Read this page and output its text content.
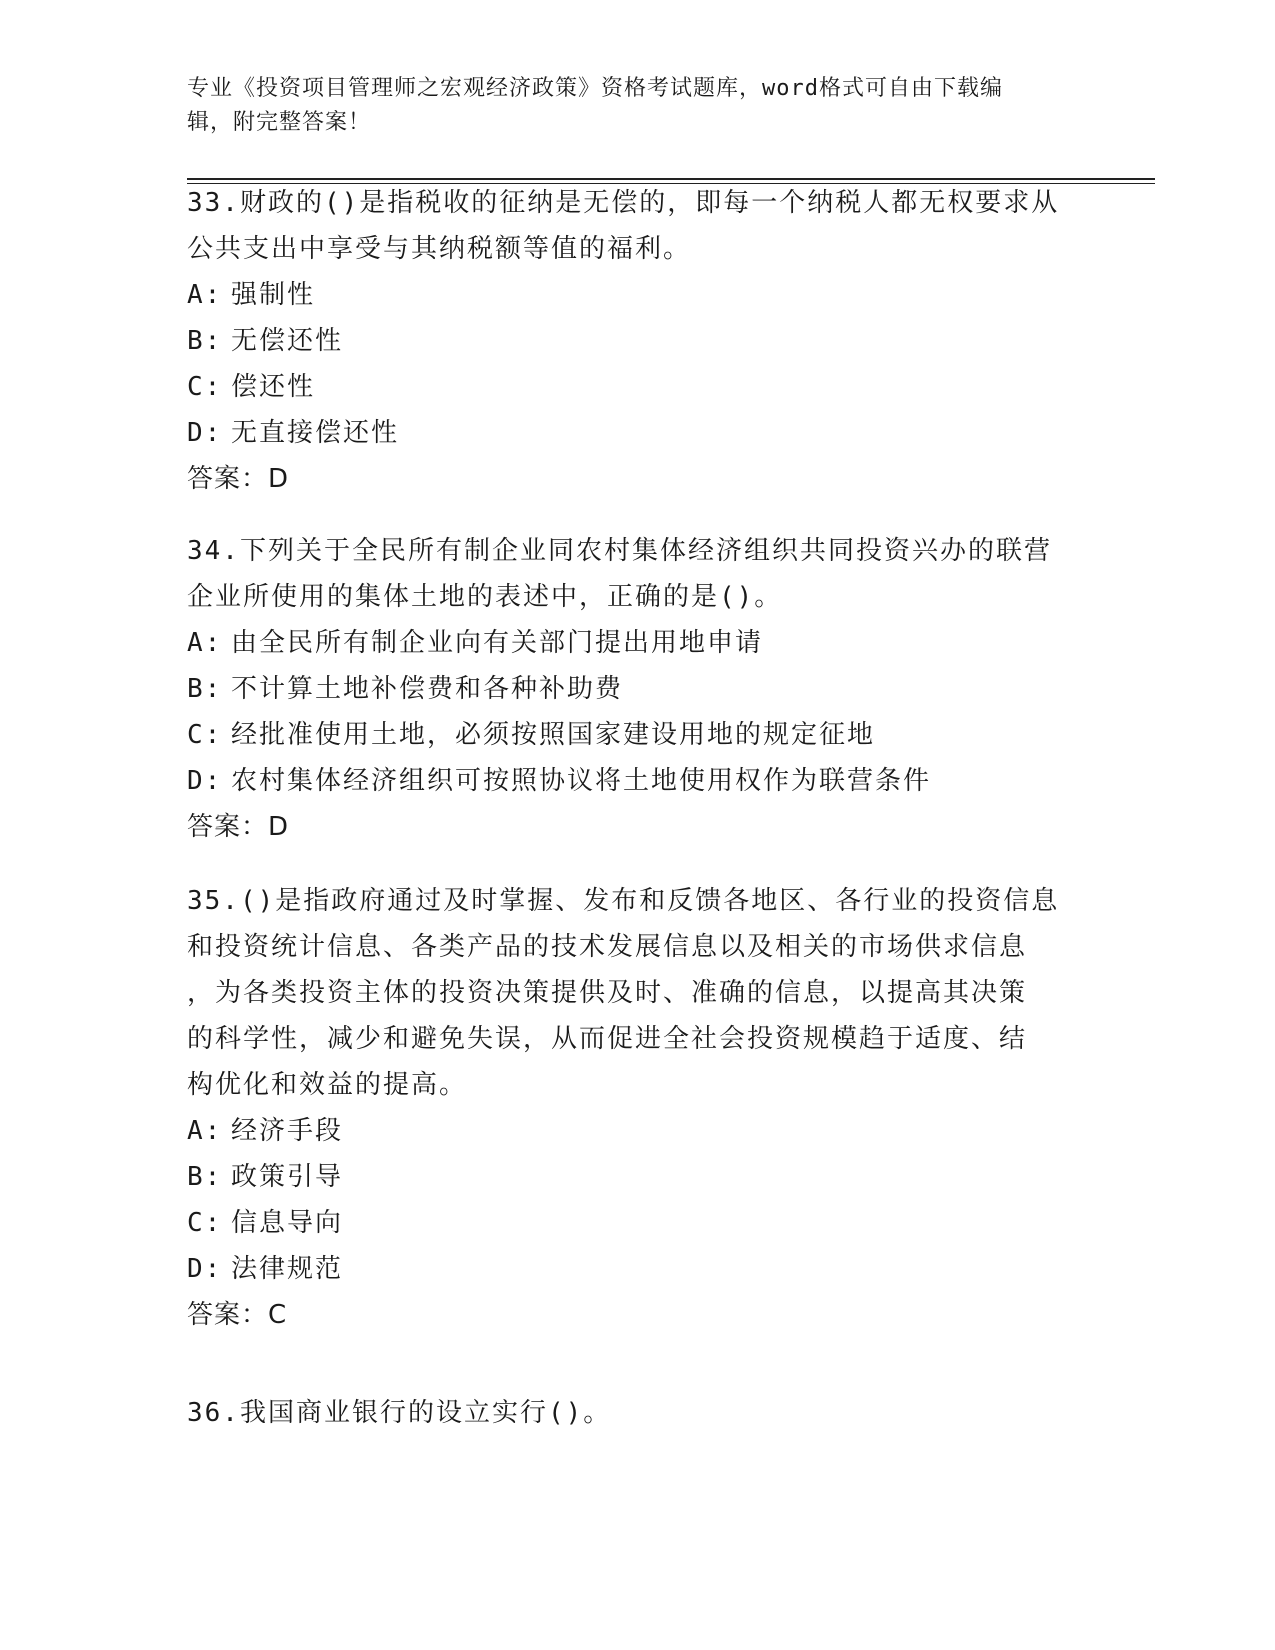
专业《投资项目管理师之宏观经济政策》资格考试题库，word格式可自由下载编
辑，附完整答案！

33.财政的()是指税收的征纳是无偿的，即每一个纳税人都无权要求从
公共支出中享受与其纳税额等值的福利。

A: 强制性

B: 无偿还性

C: 偿还性

D: 无直接偿还性

答案：D

34.下列关于全民所有制企业同农村集体经济组织共同投资兴办的联营
企业所使用的集体土地的表述中，正确的是()。

A: 由全民所有制企业向有关部门提出用地申请

B: 不计算土地补偿费和各种补助费

C: 经批准使用土地，必须按照国家建设用地的规定征地

D: 农村集体经济组织可按照协议将土地使用权作为联营条件

答案：D

35.()是指政府通过及时掌握、发布和反馈各地区、各行业的投资信息
和投资统计信息、各类产品的技术发展信息以及相关的市场供求信息
，为各类投资主体的投资决策提供及时、准确的信息，以提高其决策
的科学性，减少和避免失误，从而促进全社会投资规模趋于适度、结
构优化和效益的提高。

A: 经济手段

B: 政策引导

C: 信息导向

D: 法律规范

答案：C

36.我国商业银行的设立实行()。
